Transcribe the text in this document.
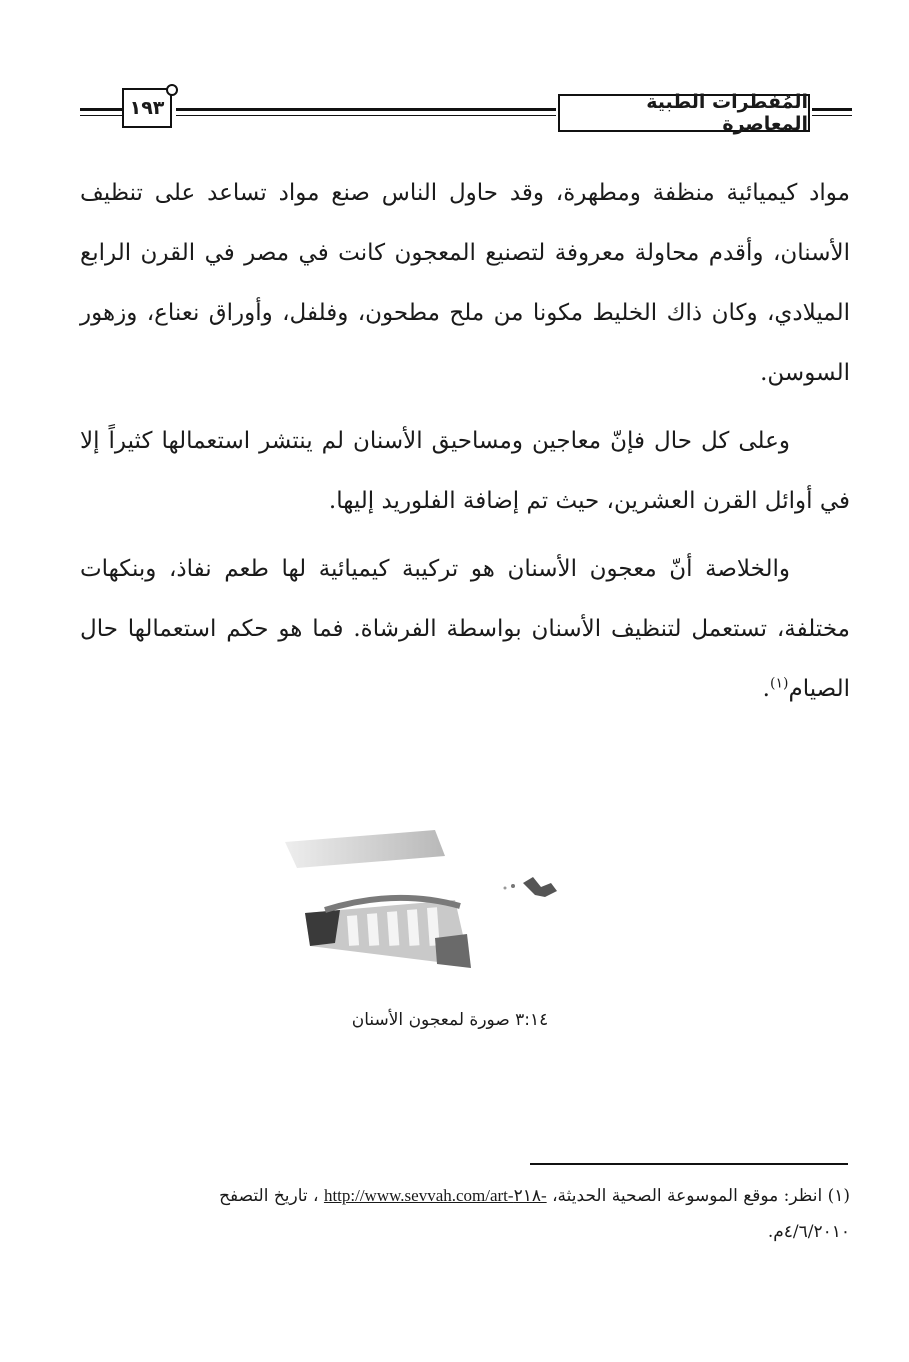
١٩٣	المُفطرات الطبية المعاصرة

مواد كيميائية منظفة ومطهرة، وقد حاول الناس صنع مواد تساعد على تنظيف الأسنان، وأقدم محاولة معروفة لتصنيع المعجون كانت في مصر في القرن الرابع الميلادي، وكان ذاك الخليط مكونا من ملح مطحون، وفلفل، وأوراق نعناع، وزهور السوسن.

وعلى كل حال فإنّ معاجين ومساحيق الأسنان لم ينتشر استعمالها كثيراً إلا في أوائل القرن العشرين، حيث تم إضافة الفلوريد إليها.

والخلاصة أنّ معجون الأسنان هو تركيبة كيميائية لها طعم نفاذ، وبنكهات مختلفة، تستعمل لتنظيف الأسنان بواسطة الفرشاة. فما هو حكم استعمالها حال الصيام$^{(١)}$.

٣:١٤ صورة لمعجون الأسنان
(١) انظر: موقع الموسوعة الصحية الحديثة، http://www.sevvah.com/art-٢١٨- ، تاريخ التصفح
٤/٦/٢٠١٠م.
